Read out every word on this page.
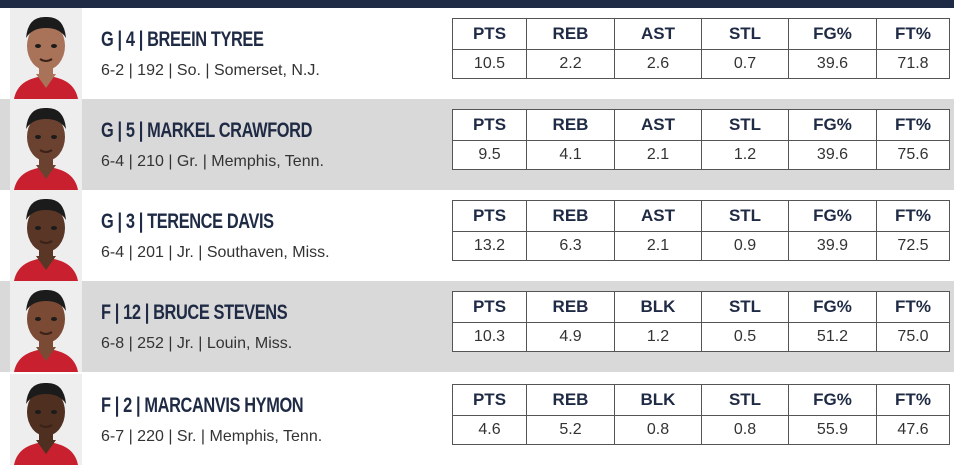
G | 4 | BREEIN TYREE
6-2 | 192 | So. | Somerset, N.J.
PTS	REB	AST	STL	FG%	FT%
10.5	2.2	2.6	0.7	39.6	71.8
G | 5 | MARKEL CRAWFORD
6-4 | 210 | Gr. | Memphis, Tenn.
PTS	REB	AST	STL	FG%	FT%
9.5	4.1	2.1	1.2	39.6	75.6
G | 3 | TERENCE DAVIS
6-4 | 201 | Jr. | Southaven, Miss.
PTS	REB	AST	STL	FG%	FT%
13.2	6.3	2.1	0.9	39.9	72.5
F | 12 | BRUCE STEVENS
6-8 | 252 | Jr. | Louin, Miss.
PTS	REB	BLK	STL	FG%	FT%
10.3	4.9	1.2	0.5	51.2	75.0
F | 2 | MARCANVIS HYMON
6-7 | 220 | Sr. | Memphis, Tenn.
PTS	REB	BLK	STL	FG%	FT%
4.6	5.2	0.8	0.8	55.9	47.6
